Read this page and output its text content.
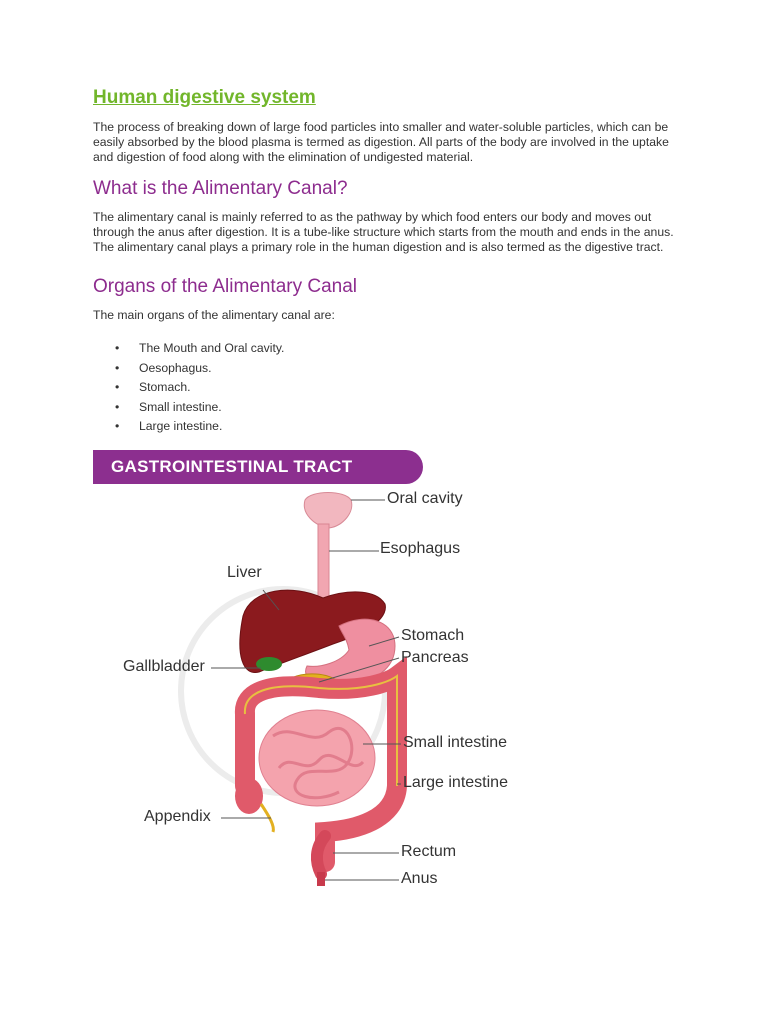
Human digestive system

The process of breaking down of large food particles into smaller and water-soluble particles, which can be easily absorbed by the blood plasma is termed as digestion. All parts of the body are involved in the uptake and digestion of food along with the elimination of undigested material.

What is the Alimentary Canal?

The alimentary canal is mainly referred to as the pathway by which food enters our body and moves out through the anus after digestion. It is a tube-like structure which starts from the mouth and ends in the anus. The alimentary canal plays a primary role in the human digestion and is also termed as the digestive tract.

Organs of the Alimentary Canal

The main organs of the alimentary canal are:

• The Mouth and Oral cavity.
• Oesophagus.
• Stomach.
• Small intestine.
• Large intestine.
GASTROINTESTINAL TRACT
Oral cavity
Esophagus
Liver
Stomach
Pancreas
Gallbladder
Small intestine
Large intestine
Appendix
Rectum
Anus
